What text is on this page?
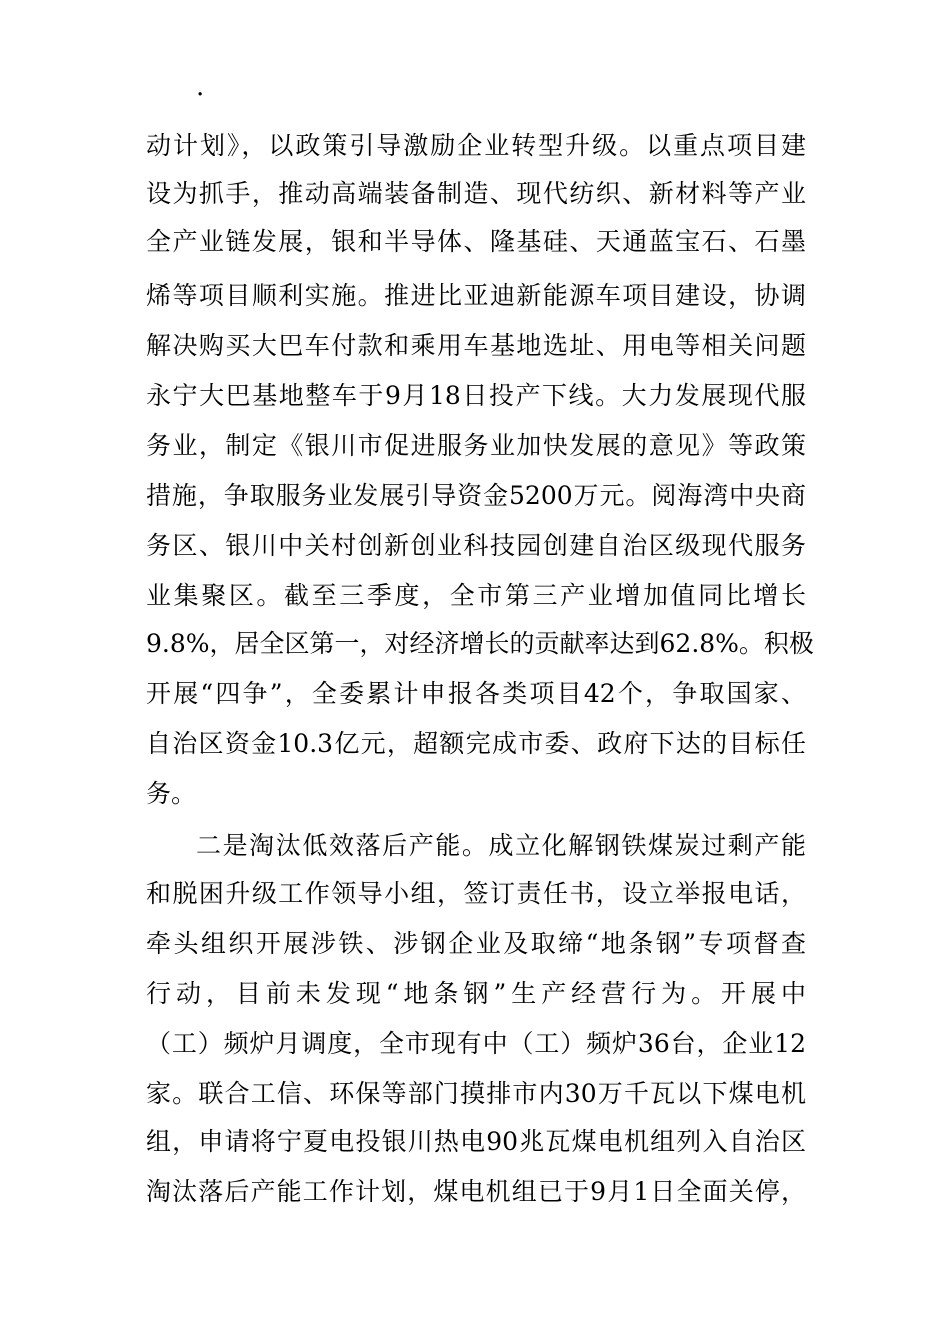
.
动计划》，以政策引导激励企业转型升级。以重点项目建
设为抓手，推动高端装备制造、现代纺织、新材料等产业
全产业链发展，银和半导体、隆基硅、天通蓝宝石、石墨
烯等项目顺利实施。推进比亚迪新能源车项目建设，协调
解决购买大巴车付款和乘用车基地选址、用电等相关问题
永宁大巴基地整车于9月18日投产下线。大力发展现代服
务业，制定《银川市促进服务业加快发展的意见》等政策
措施，争取服务业发展引导资金5200万元。阅海湾中央商
务区、银川中关村创新创业科技园创建自治区级现代服务
业集聚区。截至三季度，全市第三产业增加值同比增长
9.8%，居全区第一，对经济增长的贡献率达到62.8%。积极
开展“四争”，全委累计申报各类项目42个，争取国家、
自治区资金10.3亿元，超额完成市委、政府下达的目标任
务。
二是淘汰低效落后产能。成立化解钢铁煤炭过剩产能
和脱困升级工作领导小组，签订责任书，设立举报电话，
牵头组织开展涉铁、涉钢企业及取缔“地条钢”专项督查
行动，目前未发现“地条钢”生产经营行为。开展中
（工）频炉月调度，全市现有中（工）频炉36台，企业12
家。联合工信、环保等部门摸排市内30万千瓦以下煤电机
组，申请将宁夏电投银川热电90兆瓦煤电机组列入自治区
淘汰落后产能工作计划，煤电机组已于9月1日全面关停，
